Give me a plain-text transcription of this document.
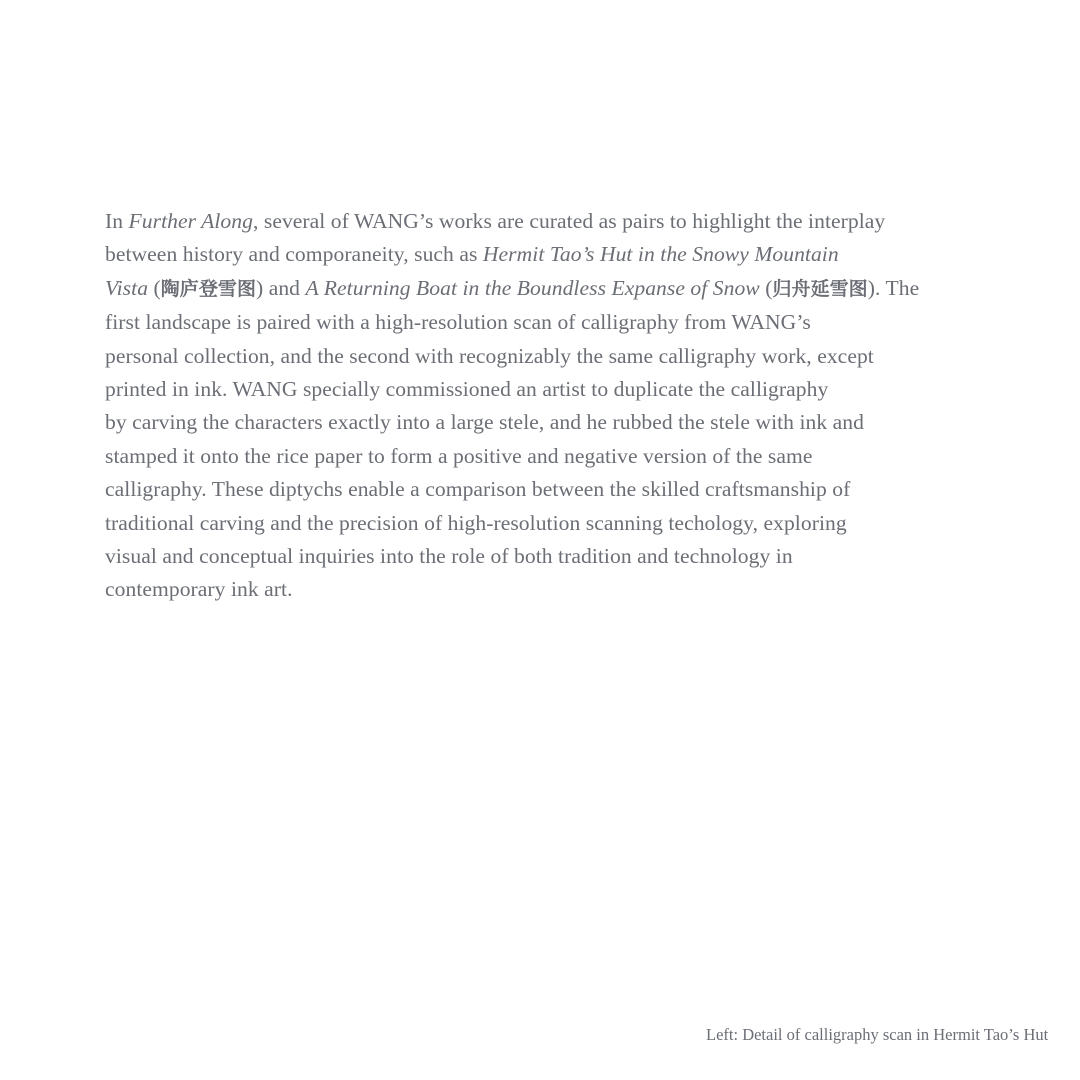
In Further Along, several of WANG’s works are curated as pairs to highlight the interplay
between history and comporaneity, such as Hermit Tao’s Hut in the Snowy Mountain
Vista (陶庐登雪图) and A Returning Boat in the Boundless Expanse of Snow (归舟延雪图). The
first landscape is paired with a high-resolution scan of calligraphy from WANG’s
personal collection, and the second with recognizably the same calligraphy work, except
printed in ink. WANG specially commissioned an artist to duplicate the calligraphy
by carving the characters exactly into a large stele, and he rubbed the stele with ink and
stamped it onto the rice paper to form a positive and negative version of the same
calligraphy. These diptychs enable a comparison between the skilled craftsmanship of
traditional carving and the precision of high-resolution scanning techology, exploring
visual and conceptual inquiries into the role of both tradition and technology in
contemporary ink art.
Left: Detail of calligraphy scan in Hermit Tao’s Hut
